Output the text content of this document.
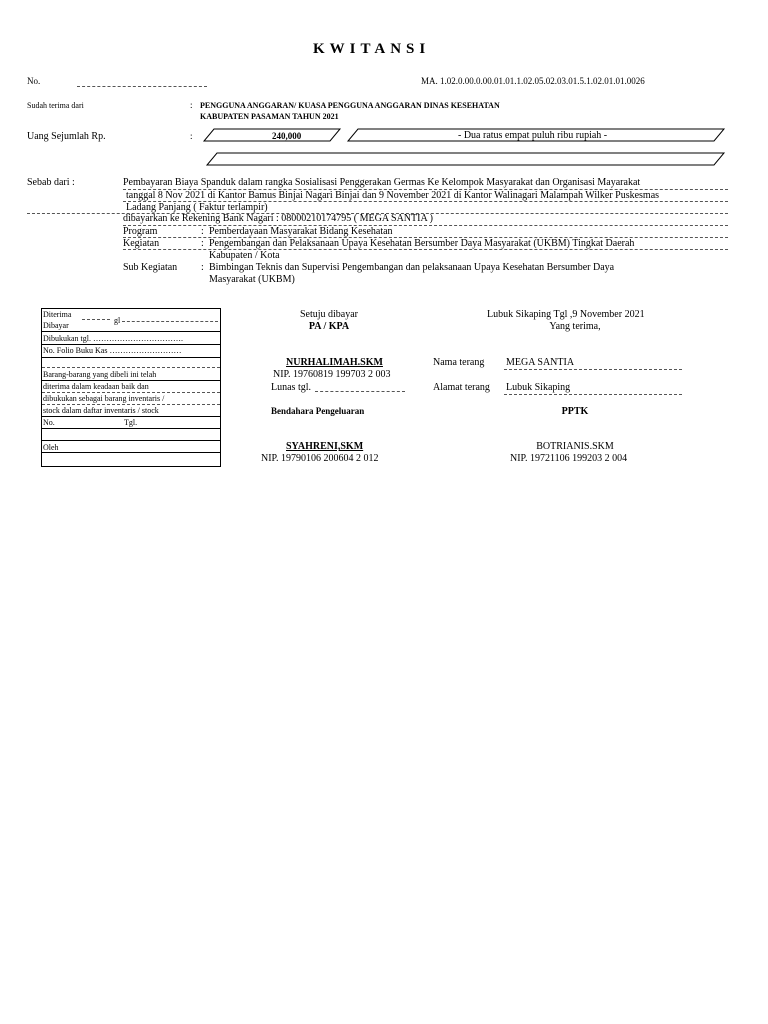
KWITANSI
No.	MA. 1.02.0.00.0.00.01.01.1.02.05.02.03.01.5.1.02.01.01.0026
Sudah terima dari	: PENGGUNA ANGGARAN/ KUASA PENGGUNA ANGGARAN DINAS KESEHATAN
KABUPATEN PASAMAN TAHUN 2021
Uang Sejumlah Rp.	:	240,000	- Dua ratus empat puluh ribu rupiah -
Sebab dari :	Pembayaran Biaya Spanduk dalam rangka Sosialisasi Penggerakan Germas Ke Kelompok Masyarakat dan Organisasi Mayarakat
tanggal 8 Nov 2021 di Kantor Bamus Binjai Nagari Binjai dan 9 November 2021 di Kantor Walinagari Malampah Wilker Puskesmas
Ladang Panjang ( Faktur terlampir)
dibayarkan ke Rekening Bank Nagari : 08000210174795 ( MEGA SANTIA )
Program	: Pemberdayaan Masyarakat Bidang Kesehatan
Kegiatan	: Pengembangan dan Pelaksanaan Upaya Kesehatan Bersumber Daya Masyarakat (UKBM) Tingkat Daerah
Kabupaten / Kota
Sub Kegiatan : Bimbingan Teknis dan Supervisi Pengembangan dan pelaksanaan Upaya Kesehatan Bersumber Daya
Masyarakat (UKBM)
Diterima
gl
Dibayar
Dibukukan tgl. …………………………….
No. Folio Buku Kas ………………………
Barang-barang yang dibeli ini telah
diterima dalam keadaan baik dan
dibukukan sebagai barang inventaris /
stock dalam daftar inventaris / stock
No.	Tgl.
Oleh
Setuju dibayar
PA / KPA
NURHALIMAH.SKM
NIP. 19760819 199703 2 003
Lunas tgl.
Bendahara Pengeluaran
SYAHRENI,SKM
NIP. 19790106 200604 2 012
Lubuk Sikaping Tgl ,9 November 2021
Yang terima,
Nama terang MEGA SANTIA
Alamat terang Lubuk Sikaping
PPTK
BOTRIANIS.SKM
NIP. 19721106 199203 2 004
